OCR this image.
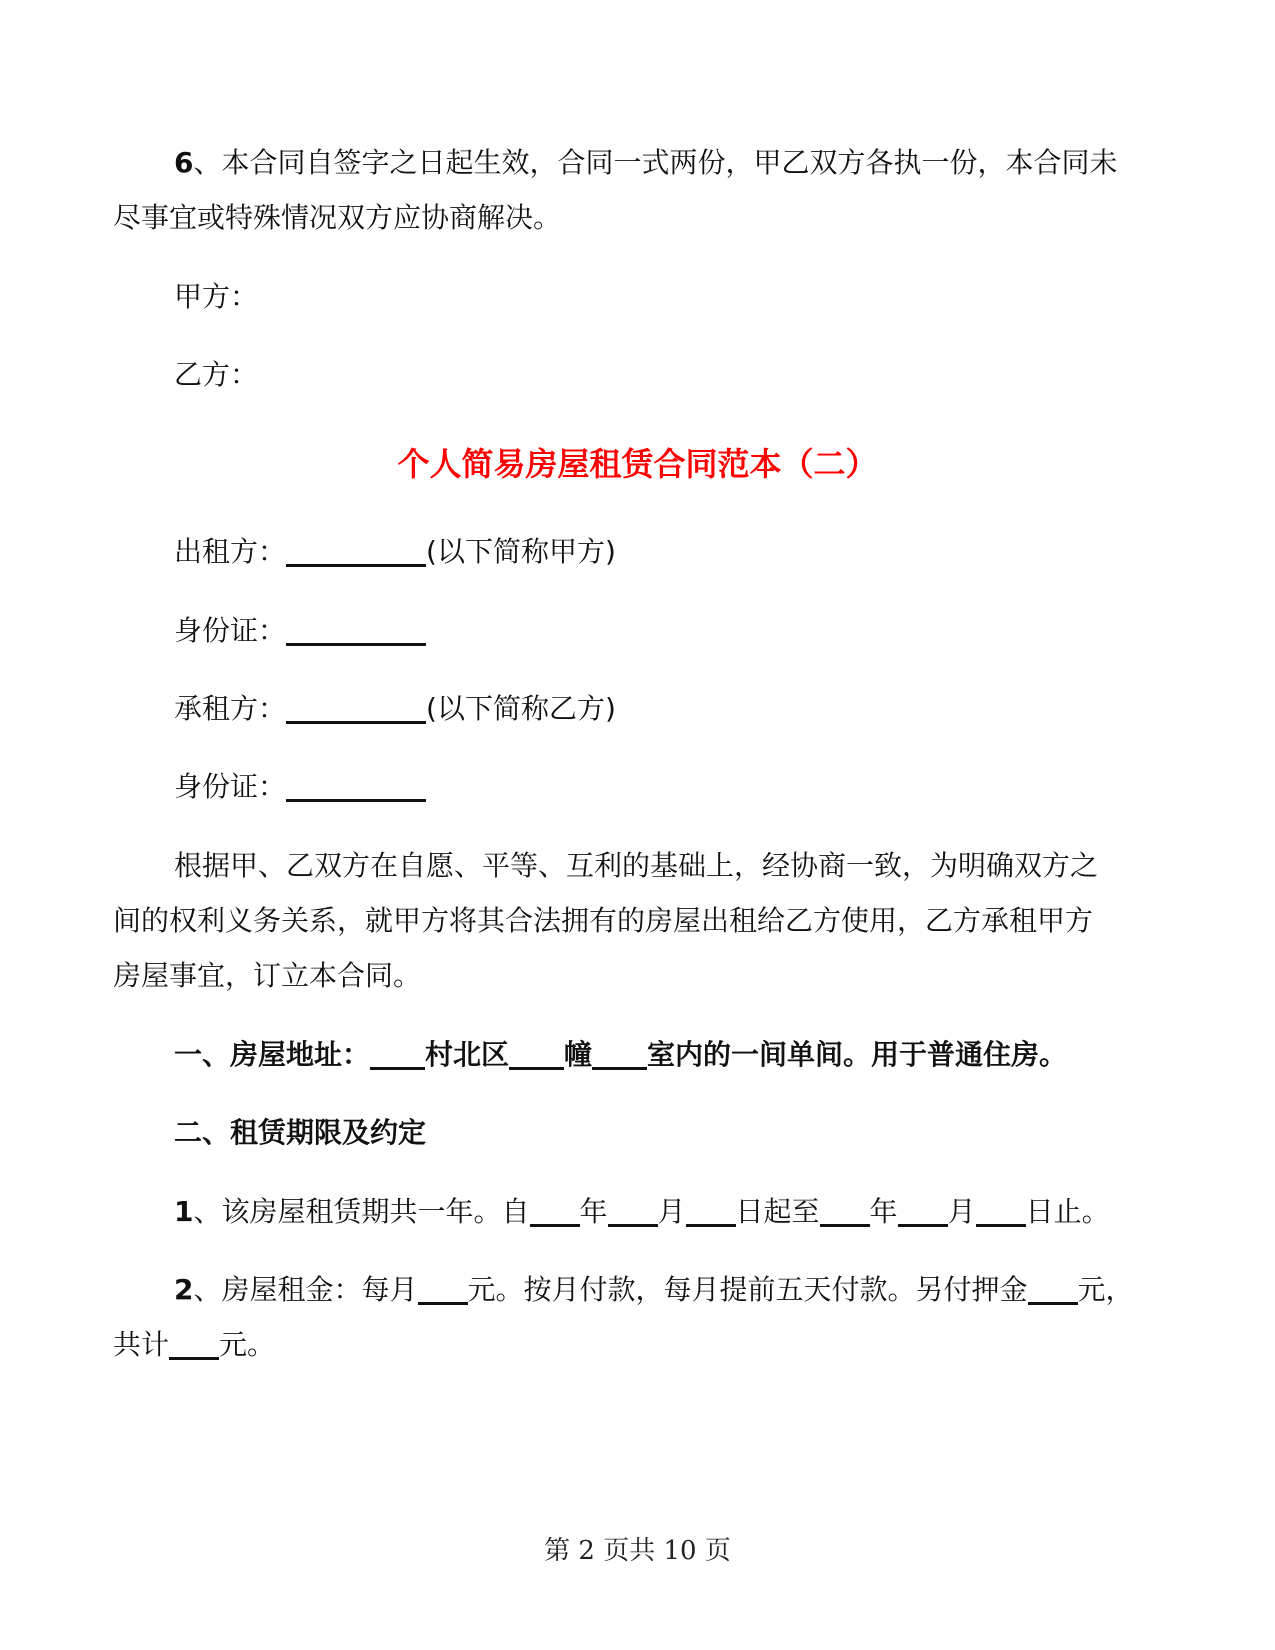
6、本合同自签字之日起生效，合同一式两份，甲乙双方各执一份，本合同未
尽事宜或特殊情况双方应协商解决。
甲方：
乙方：
个人简易房屋租赁合同范本（二）
出租方：	(以下简称甲方)
身份证：
承租方：	(以下简称乙方)
身份证：
根据甲、乙双方在自愿、平等、互利的基础上，经协商一致，为明确双方之
间的权利义务关系，就甲方将其合法拥有的房屋出租给乙方使用，乙方承租甲方
房屋事宜，订立本合同。
一、房屋地址： 村北区 幢 室内的一间单间。用于普通住房。
二、租赁期限及约定
1、该房屋租赁期共一年。自 年 月 日起至 年 月 日止。
2、房屋租金：每月 元。按月付款，每月提前五天付款。另付押金 元，
共计 元。
第 2 页共 10 页
